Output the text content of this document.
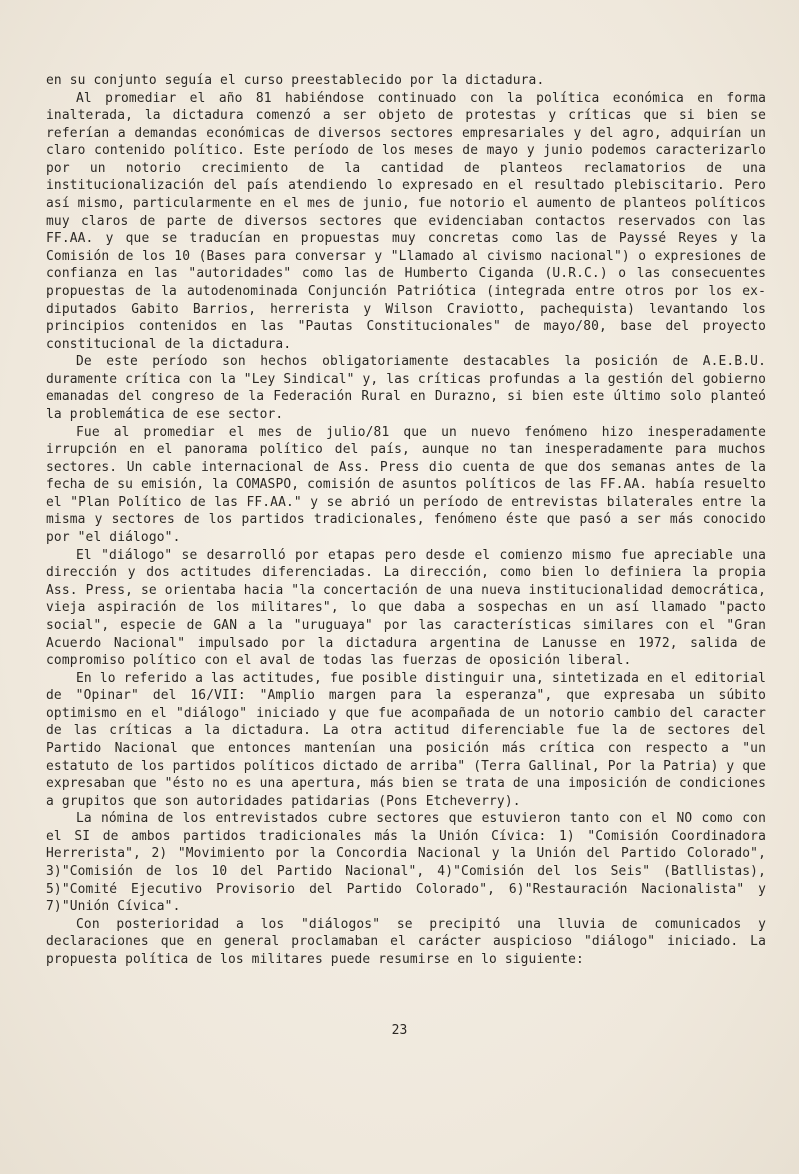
en su conjunto seguía el curso preestablecido por la dictadura.

Al promediar el año 81 habiéndose continuado con la política económica en forma inalterada, la dictadura comenzó a ser objeto de protestas y críticas que si bien se referían a demandas económicas de diversos sectores empresariales y del agro, adquirían un claro contenido político. Este período de los meses de mayo y junio podemos caracterizarlo por un notorio crecimiento de la cantidad de planteos reclamatorios de una institucionalización del país atendiendo lo expresado en el resultado plebiscitario. Pero así mismo, particularmente en el mes de junio, fue notorio el aumento de planteos políticos muy claros de parte de diversos sectores que evidenciaban contactos reservados con las FF.AA. y que se traducían en propuestas muy concretas como las de Payssé Reyes y la Comisión de los 10 (Bases para conversar y "Llamado al civismo nacional") o expresiones de confianza en las "autoridades" como las de Humberto Ciganda (U.R.C.) o las consecuentes propuestas de la autodenominada Conjunción Patriótica (integrada entre otros por los ex-diputados Gabito Barrios, herrerista y Wilson Craviotto, pachequista) levantando los principios contenidos en las "Pautas Constitucionales" de mayo/80, base del proyecto constitucional de la dictadura.

De este período son hechos obligatoriamente destacables la posición de A.E.B.U. duramente crítica con la "Ley Sindical" y, las críticas profundas a la gestión del gobierno emanadas del congreso de la Federación Rural en Durazno, si bien este último solo planteó la problemática de ese sector.

Fue al promediar el mes de julio/81 que un nuevo fenómeno hizo inesperadamente irrupción en el panorama político del país, aunque no tan inesperadamente para muchos sectores. Un cable internacional de Ass. Press dio cuenta de que dos semanas antes de la fecha de su emisión, la COMASPO, comisión de asuntos políticos de las FF.AA. había resuelto el "Plan Político de las FF.AA." y se abrió un período de entrevistas bilaterales entre la misma y sectores de los partidos tradicionales, fenómeno éste que pasó a ser más conocido por "el diálogo".

El "diálogo" se desarrolló por etapas pero desde el comienzo mismo fue apreciable una dirección y dos actitudes diferenciadas. La dirección, como bien lo definiera la propia Ass. Press, se orientaba hacia "la concertación de una nueva institucionalidad democrática, vieja aspiración de los militares", lo que daba a sospechas en un así llamado "pacto social", especie de GAN a la "uruguaya" por las características similares con el "Gran Acuerdo Nacional" impulsado por la dictadura argentina de Lanusse en 1972, salida de compromiso político con el aval de todas las fuerzas de oposición liberal.

En lo referido a las actitudes, fue posible distinguir una, sintetizada en el editorial de "Opinar" del 16/VII: "Amplio margen para la esperanza", que expresaba un súbito optimismo en el "diálogo" iniciado y que fue acompañada de un notorio cambio del caracter de las críticas a la dictadura. La otra actitud diferenciable fue la de sectores del Partido Nacional que entonces mantenían una posición más crítica con respecto a "un estatuto de los partidos políticos dictado de arriba" (Terra Gallinal, Por la Patria) y que expresaban que "ésto no es una apertura, más bien se trata de una imposición de condiciones a grupitos que son autoridades patidarias (Pons Etcheverry).

La nómina de los entrevistados cubre sectores que estuvieron tanto con el NO como con el SI de ambos partidos tradicionales más la Unión Cívica: 1) "Comisión Coordinadora Herrerista", 2) "Movimiento por la Concordia Nacional y la Unión del Partido Colorado", 3)"Comisión de los 10 del Partido Nacional", 4)"Comisión del los Seis" (Batllistas), 5)"Comité Ejecutivo Provisorio del Partido Colorado", 6)"Restauración Nacionalista" y 7)"Unión Cívica".

Con posterioridad a los "diálogos" se precipitó una lluvia de comunicados y declaraciones que en general proclamaban el carácter auspicioso "diálogo" iniciado. La propuesta política de los militares puede resumirse en lo siguiente:

23
